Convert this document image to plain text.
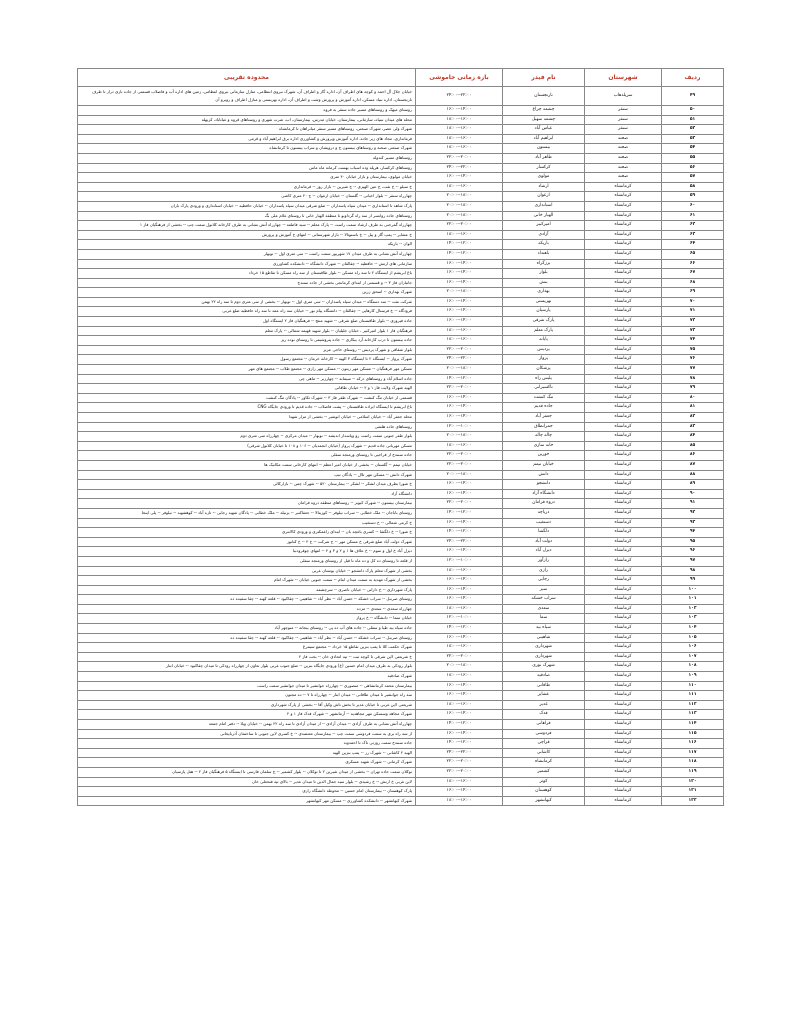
ردیف	شهرستان	نام فیدر	بازه زمانی خاموشی	محدوده تقریبی
۴۹	سرپلذهاب	نارنجستان	۲۲:۰۰--۲۴:۰۰	خیابان جلال آل احمد و کوچه های اطراف آن، اداره گاز و اطراف آن، شهرک نیروی انتظامی، منازل سازمانی نیروی انتظامی، زمین های اداره آب و فاضلاب قسمتی از جاده بازی دراز تا طرف نارنجستان، اداره بنیاد مسکن، اداره آموزش و پرورش وشت و اطراف آن، اداره بهزیستی و منازل اطراف و روبرو آن
۵۰	سنقر	چشمه چراغ	۱۴:۰۰--۱۶:۰۰	روستای میهک و روستاهای مسیر جاده سنقر به فروه
۵۱	سنقر	چشمه سهیل	۱۶:۰۰--۱۸:۰۰	محله های میدان سپاه، سازمانی، بیمارستان، خیابان مدرس، بیمارستان، اب، شرب شهری و روستاهای قروه و غیاثاباد، کزیهله
۵۲	سنقر	عباس آباد	۱۶:۰۰--۱۸:۰۰	شهرک ولی عصر، شهرک صنعتی، روستاهای مسیر سنقر میانراهان تا کرمانشاه
۵۳	صحنه	ابراهیم آباد	۱۶:۰۰--۱۸:۰۰	فرمانداری، مجاد های زیر جاده، اداره آموزش وپرورش و کشاورزی اداره برق ابراهیم آباد و قرمی
۵۴	صحنه	بیستون	۱۶:۰۰--۱۸:۰۰	شهرک صنعتی صحنه و روستاهای بیستون ج و درویشان و سراب بیستون تا کرمانشاه
۵۵	صحنه	طاهر آباد	۲۰:۰۰--۲۲:۰۰	روستاهای مسیر کندوله
۵۶	صحنه	کرکسار	۲۲:۰۰--۲۴:۰۰	روستاهای کرکسار، هرپله وده اسیاب بهست کرمانه ماه ماس
۵۷	صحنه	مولوی	۱۴:۰۰--۱۶:۰۰	خیابان مولوی، بیمارستان و بازار خیابان ۴۰ متری
۵۸	کرمانشاه	ارشاد	۱۶:۰۰--۱۸:۰۰	خ سیلو -- خ نفت، ج عین الهیزی -- ج شیرین -- بازار روز -- فرمانداری
۵۹	کرمانشاه	ارغوان	۱۸:۰۰--۲۰:۰۰	چهارراه سنقر -- بلوار اخیانی -- گلستان -- خیابان ارغوان -- ج ۲۰ متری کاشی
۶۰	کرمانشاه	استانداری	۱۸:۰۰--۲۰:۰۰	پارک شاهد تا استانداری -- میدان سپاه پاسداران -- ضلع شرقی میدان سپاه پاسداران -- خیابان حافظیه -- خیابان استانداری و ورودی پارک باران
۶۱	کرمانشاه	الهیار خانی	۱۸:۰۰--۲۰:۰۰	روستاهای جاده روانسر از سه راه گرداویو تا منطقه الهیار خانی تا روستای غلام علی بگ
۶۲	کرمانشاه	امیرکبیر	۲۰:۰۰--۲۲:۰۰	چهارراه گمرجنی به طرف ارشاد سمت راست -- پارک معلم -- سید فاطمه -- چهارراه آتش نشانی به طرف کارخانه کلانول سمت چپ -- بخشی از فرهنگیان فاز ۱
۶۳	کرمانشاه	آزادی	۱۶:۰۰--۱۸:۰۰	خ عشایر -- پمپ گاز و پیل -- خ باستوتالا -- بازار شهرستانی -- انتهای خ آموزش و پرورش
۶۴	کرمانشاه	باریکه	۱۲:۰۰--۱۴:۰۰	الوان -- باریکه
۶۵	کرمانشاه	باهنداد	۱۲:۰۰--۱۴:۰۰	چهارراه آتش نشانی به طرف میدان ۱۷ شهریور سمت راست -- سی متری اول -- نوبهار
۶۶	کرمانشاه	برزگراه	۱۴:۰۰--۱۶:۰۰	سازمانی های ارتش -- حافظیه -- چقالقان -- شهرک دانشگاه -- دانشکده کشاورزی
۶۷	کرمانشاه	بلوار	۱۴:۰۰--۱۶:۰۰	باغ ابریشم از ایستگاه ۲ تا سه راه مسکن -- بلوار طاقبستان از سه راه مسکن تا تقاطع ۱۵ خرداد
۶۸	کرمانشاه	بنش	۱۴:۰۰--۱۶:۰۰	جانبازان فاز ۳ -- و قسمتی از ابتدای کرمانجی بخشی از جاده سنندج
۶۹	کرمانشاه	بهداری	۱۸:۰۰--۲۰:۰۰	شهرک بهداری -- اسحق زرین
۷۰	کرمانشاه	بهزیستی	۱۴:۰۰--۱۶:۰۰	شرکت نفت -- سد دستگاه -- میدان سپاه پاسداران -- سی متری اول -- نوبهار -- بخشی از سی متری دوم تا سه راه ۲۲ بهمن
۷۱	کرمانشاه	پارسیان	۱۴:۰۰--۱۶:۰۰	فرودگاه -- خ فرستال کارهایی -- چقالقان -- دانشگاه پیام نور -- خیابان سه راه عمد تا سه راه حافظیه ضلع غربی
۷۲	کرمانشاه	پارک شرقی	۱۴:۰۰--۱۶:۰۰	جاده فیروزی -- بلوار طاقبستان ضلع شرقی -- شهید منتج -- فرهنگیان فاز ۲ ایستگاه اول
۷۳	کرمانشاه	پارک معلم	۱۶:۰۰--۱۸:۰۰	فرهنگیان فاز ۱ بلوار امیرکبیر ، خیابان جلیلیان -- بلوار شهید قهیمه شمالی -- پارک معلم
۷۴	کرمانشاه	پایانه	۱۶:۰۰--۱۸:۰۰	جاده بیستون تا درب کارخانه آرد بیکاری -- جاده پتروشیمی تا روستای نوده ریز
۷۵	کرمانشاه	پردیس	۲۰:۰۰--۲۲:۰۰	بلوار شقاقی و شهرک پردیس -- روستای حاجی عزیز
۷۶	کرمانشاه	پرواز	۲۲:۰۰--۲۴:۰۰	شهرک پرواز -- ایستگاه ۲ تا ایستگاه ۳ الهیه -- کارخانه خرمان -- مجتمع رسول
۷۷	کرمانشاه	پزشکان	۱۸:۰۰--۲۰:۰۰	مسکن مهر فرهنگیان -- مسکن مهر زیتون -- مسکن مهر رازی -- مجتمع طلاب -- مجتمع های مهر
۷۸	کرمانشاه	پلیس راه	۱۲:۰۰--۱۴:۰۰	جاده اسلام آباد و روستاهای درکه -- سیمانه -- چهارزبر -- ماهی چی
۷۹	کرمانشاه	تاکسیرانی	۲۰:۰۰--۲۲:۰۰	الهیه شهرک ولایت فاز ۱ و ۲ -- خیابان طاقانی
۸۰	کرمانشاه	تنگ کنشت	۱۴:۰۰--۱۶:۰۰	قسمتی از خیابان تنگ کنشت -- شهرک ظفر فاز ۳ -- شهرک تکاور -- پادگان تنگ کنشت
۸۱	کرمانشاه	جاده قدیم	۱۴:۰۰--۱۶:۰۰	باغ ابریشم تا ایستگاه ایزاده طاقبستان -- پشت فاضلاب -- جاده قدیم تا ورودی جایگاه CNG
۸۲	کرمانشاه	جعفر آباد	۱۴:۰۰--۱۶:۰۰	محله جعفر آباد -- خیابان اسلامی -- خیابان انوشیر -- بخشی از مزار شهدا
۸۳	کرمانشاه	جمرانطاق	۱۰:۰۰--۱۲:۰۰	روستاهای جاده هلشی
۸۴	کرمانشاه	چاله چاله	۱۸:۰۰--۲۰:۰۰	بلوار ظفر جنوبی سمت راست رو وپاسدار اندیشه -- نوبهار -- میدان مرکزی -- چهارراه سی متری دوم
۸۵	کرمانشاه	خانه سازی	۱۶:۰۰--۱۸:۰۰	مسکن مهربانی جاده قدیم -- شهرک پرواز (خیابان انجمدیان -- ۱۰۶ و ۱۰۸ تا خیابان کلانول شرقی)
۸۶	کرمانشاه	خورین	۲۰:۰۰--۲۲:۰۰	جاده سنندج از فراجیی تا روستای ورمنجه سفلی
۸۷	کرمانشاه	خیابان تیمم	۲۰:۰۰--۲۲:۰۰	خیابان تیمم -- گلستان -- بخشی از خیابان امیر اعظم -- انتهای کارخانی سمت مکانیک ها
۸۸	کرمانشاه	دانش	۱۸:۰۰--۲۰:۰۰	شهرک دانش -- مسکن مهر تلال -- پادگان تیپ
۸۹	کرمانشاه	دانشجو	۱۴:۰۰--۱۶:۰۰	خ شورا بطرف میدان لشکر -- لشکر -- بیمارستان ۵۲۰ -- شهرک چمن -- بازارکالی
۹۰	کرمانشاه	دانشگاه آزاد	۱۴:۰۰--۱۶:۰۰	دانشگاه آزاد
۹۱	کرمانشاه	دروه فرامان	۲۰:۰۰--۲۲:۰۰	بیمارستان بیستون -- شهرک کیوبز -- روستاهای منطقه دروه فرامان
۹۲	کرمانشاه	دریاچه	۱۲:۰۰--۱۴:۰۰	روستای باباجان -- ملک خطابی -- سراب نیلوفر -- کوزیتالا -- جعفاکنبر -- بزنیله -- ملک خطابی -- پادگان شهید رجایی -- تازه آباد -- کوهشهید -- نیلوفر -- پلی اینجا
۹۳	کرمانشاه	دستغیب	۱۴:۰۰--۱۶:۰۰	خ کرمی شمالی -- خ دستغیب
۹۴	کرمانشاه	دلگشا	۱۲:۰۰--۱۴:۰۰	خ شورا -- خ دلگشا -- کسری باغچه بان -- ابتدای زاغمکتری و ورودی کالانتری
۹۵	کرمانشاه	دولت آباد	۲۲:۰۰--۲۴:۰۰	شهرک دولت آباد ضلع شرقی خ مسکن مهر -- خ شرکت -- خ ۲ -- خ کتانوز
۹۶	کرمانشاه	دیزل آباد	۱۴:۰۰--۱۶:۰۰	دیزل آباد خ اول و سوم -- خ علاف ها ۱ و ۲ و ۳ و ۴ -- انتهای چوقرودنیا
۹۷	کرمانشاه	رازآور	۱۰:۰۰--۱۲:۰۰	از قلعه تا روستای ده کل و ده ماه تا قبل از روستای ورمنجه سفلی
۹۸	کرمانشاه	رازی	۱۶:۰۰--۱۸:۰۰	بخشی از شهرک معلم پارک دانشجو -- خیابان بوستان غربی
۹۹	کرمانشاه	رجایی	۱۴:۰۰--۱۶:۰۰	بخشی از شهرک مهدیه به سمت میدان ابتام -- سمت جنوبی خیابان -- شهرک امام
۱۰۰	کرمانشاه	سبز	۱۴:۰۰--۱۶:۰۰	پارک شهرداری -- خ داراتی -- خیابان ناصری -- سرچشمه
۱۰۱	کرمانشاه	سراب خشکه	۱۴:۰۰--۱۶:۰۰	روستای صرنبل -- سراب خشکه -- حسن آباد -- نظر آباد -- شاهینی -- چقاکبود -- قلعه کهنه -- چقا سفیده ده
۱۰۲	کرمانشاه	سعدی	۱۶:۰۰--۱۸:۰۰	چهارراه سعدی -- سعدی -- مزده
۱۰۳	کرمانشاه	سما	۱۰:۰۰--۱۲:۰۰	خیابان سما -- دانشگاه -- خ پرواز
۱۰۴	کرمانشاه	سیاه بید	۱۲:۰۰--۱۴:۰۰	جاده سیاه بید طیا و سفلی -- جاده های آب ده پی -- روستای بیجانه -- منوچهر آباد
۱۰۵	کرمانشاه	شاهینی	۱۴:۰۰--۱۶:۰۰	روستای صرنبل -- سراب خشکه -- حسن آباد -- نظر آباد -- شاهینی -- چقاکبود -- قلعه کهنه -- چقا سفیده ده
۱۰۶	کرمانشاه	شهرداری	۱۶:۰۰--۱۸:۰۰	شهرک حکمت کلا تا پمپ بنزین تقاطع ۱۵ خرداد -- مجتمع سیمرغ
۱۰۷	کرمانشاه	شهرداری	۲۰:۰۰--۲۲:۰۰	خ شریعتی لاین شرقی تا کوچه ثبت -- تپه اتحادی خان -- بخت فاز ۲
۱۰۸	کرمانشاه	شهرک نوری	۱۸:۰۰--۲۰:۰۰	بلوار رودکی به طرف میدان امام حسین (ع) ورودی جایگاه بنزین -- ضلع جنوب غربی بلوار تعاون از چهارراه رودکی تا میدان چقاکبود -- خیابان ابتار
۱۰۹	کرمانشاه	صادقیه	۱۶:۰۰--۱۸:۰۰	شهرک صادقیه
۱۱۰	کرمانشاه	طاقانی	۱۴:۰۰--۱۶:۰۰	بیمارستان محمد کرمانشاهی -- منصوری -- چهارراه جوانشیر تا میدان جوانشیر سمت راست
۱۱۱	کرمانشاه	عشایر	۱۴:۰۰--۱۶:۰۰	سه راه جوانشیر تا میدان طاقانی -- میدان ابتار -- چهارراه تا ۷ -- ده مجنون
۱۱۲	کرمانشاه	غدیر	۱۶:۰۰--۱۸:۰۰	شریعتی لاین غربی تا خیابان غدیر تا بخش تاش وکیل آقا -- بخشی از پارک شهرداری
۱۱۳	کرمانشاه	فدک	۱۴:۰۰--۱۶:۰۰	شهرک مجاهد وسسکن مهر مجاهدیه -- آرمانشهر -- شهرک فدک فاز ۱ و ۲
۱۱۴	کرمانشاه	فراهانی	۱۲:۰۰--۱۴:۰۰	چهارراه آتش نشانی به طرف آزادی -- میدان آزادی -- از میدان آزادی تا سه راه ۲۲ بهمن -- خیابان ویلا -- دفتر امام جمعه
۱۱۵	کرمانشاه	فردوسی	۱۴:۰۰--۱۶:۰۰	از سه راه بری به سمت فردوسی سمت چپ -- بیمارستان معتضدی -- خ کسری لاین جنوبی تا ساختمان آذربایجانی
۱۱۶	کرمانشاه	قراچی	۱۲:۰۰--۱۴:۰۰	جاده سنندج سمت روزتی تاک تا احمدوند
۱۱۷	کرمانشاه	کاشانی	۲۲:۰۰--۲۴:۰۰	الهیه ۲ کاشانی -- شهرک رز -- پمپ بنزین الهیه
۱۱۸	کرمانشاه	کرمانشاه	۲۰:۰۰--۲۲:۰۰	شهرک کرمانی -- شهرک شهید عسکری
۱۱۹	کرمانشاه	کشمیر	۲۰:۰۰--۲۲:۰۰	توکلان سمت جاده تهران -- بخشی از میدان شیرین ۲ تا توکلان -- بلوار کشمیر -- ج سلمان فارسی تا ایستگاه ۵ فرهنگیان فاز ۲ -- هتل پارسیان
۱۲۰	کرمانشاه	کوثر	۱۶:۰۰--۱۸:۰۰	لاین غربی خ ارتش -- خ رشیدی -- بلوار سید جمال الدین تا میدان غدیر -- بالای تپه فتحعلی خان
۱۲۱	کرمانشاه	کوهسنان	۱۴:۰۰--۱۶:۰۰	پارک کوهستان -- بیمارستان امام حسین -- محوطه دانشگاه رازی
۱۲۲	کرمانشاه	کیهانشهر	۱۶:۰۰--۱۸:۰۰	شهرک کیهانشهر -- دانشکده کشاورزی -- مسکن مهر کیهانشهر
